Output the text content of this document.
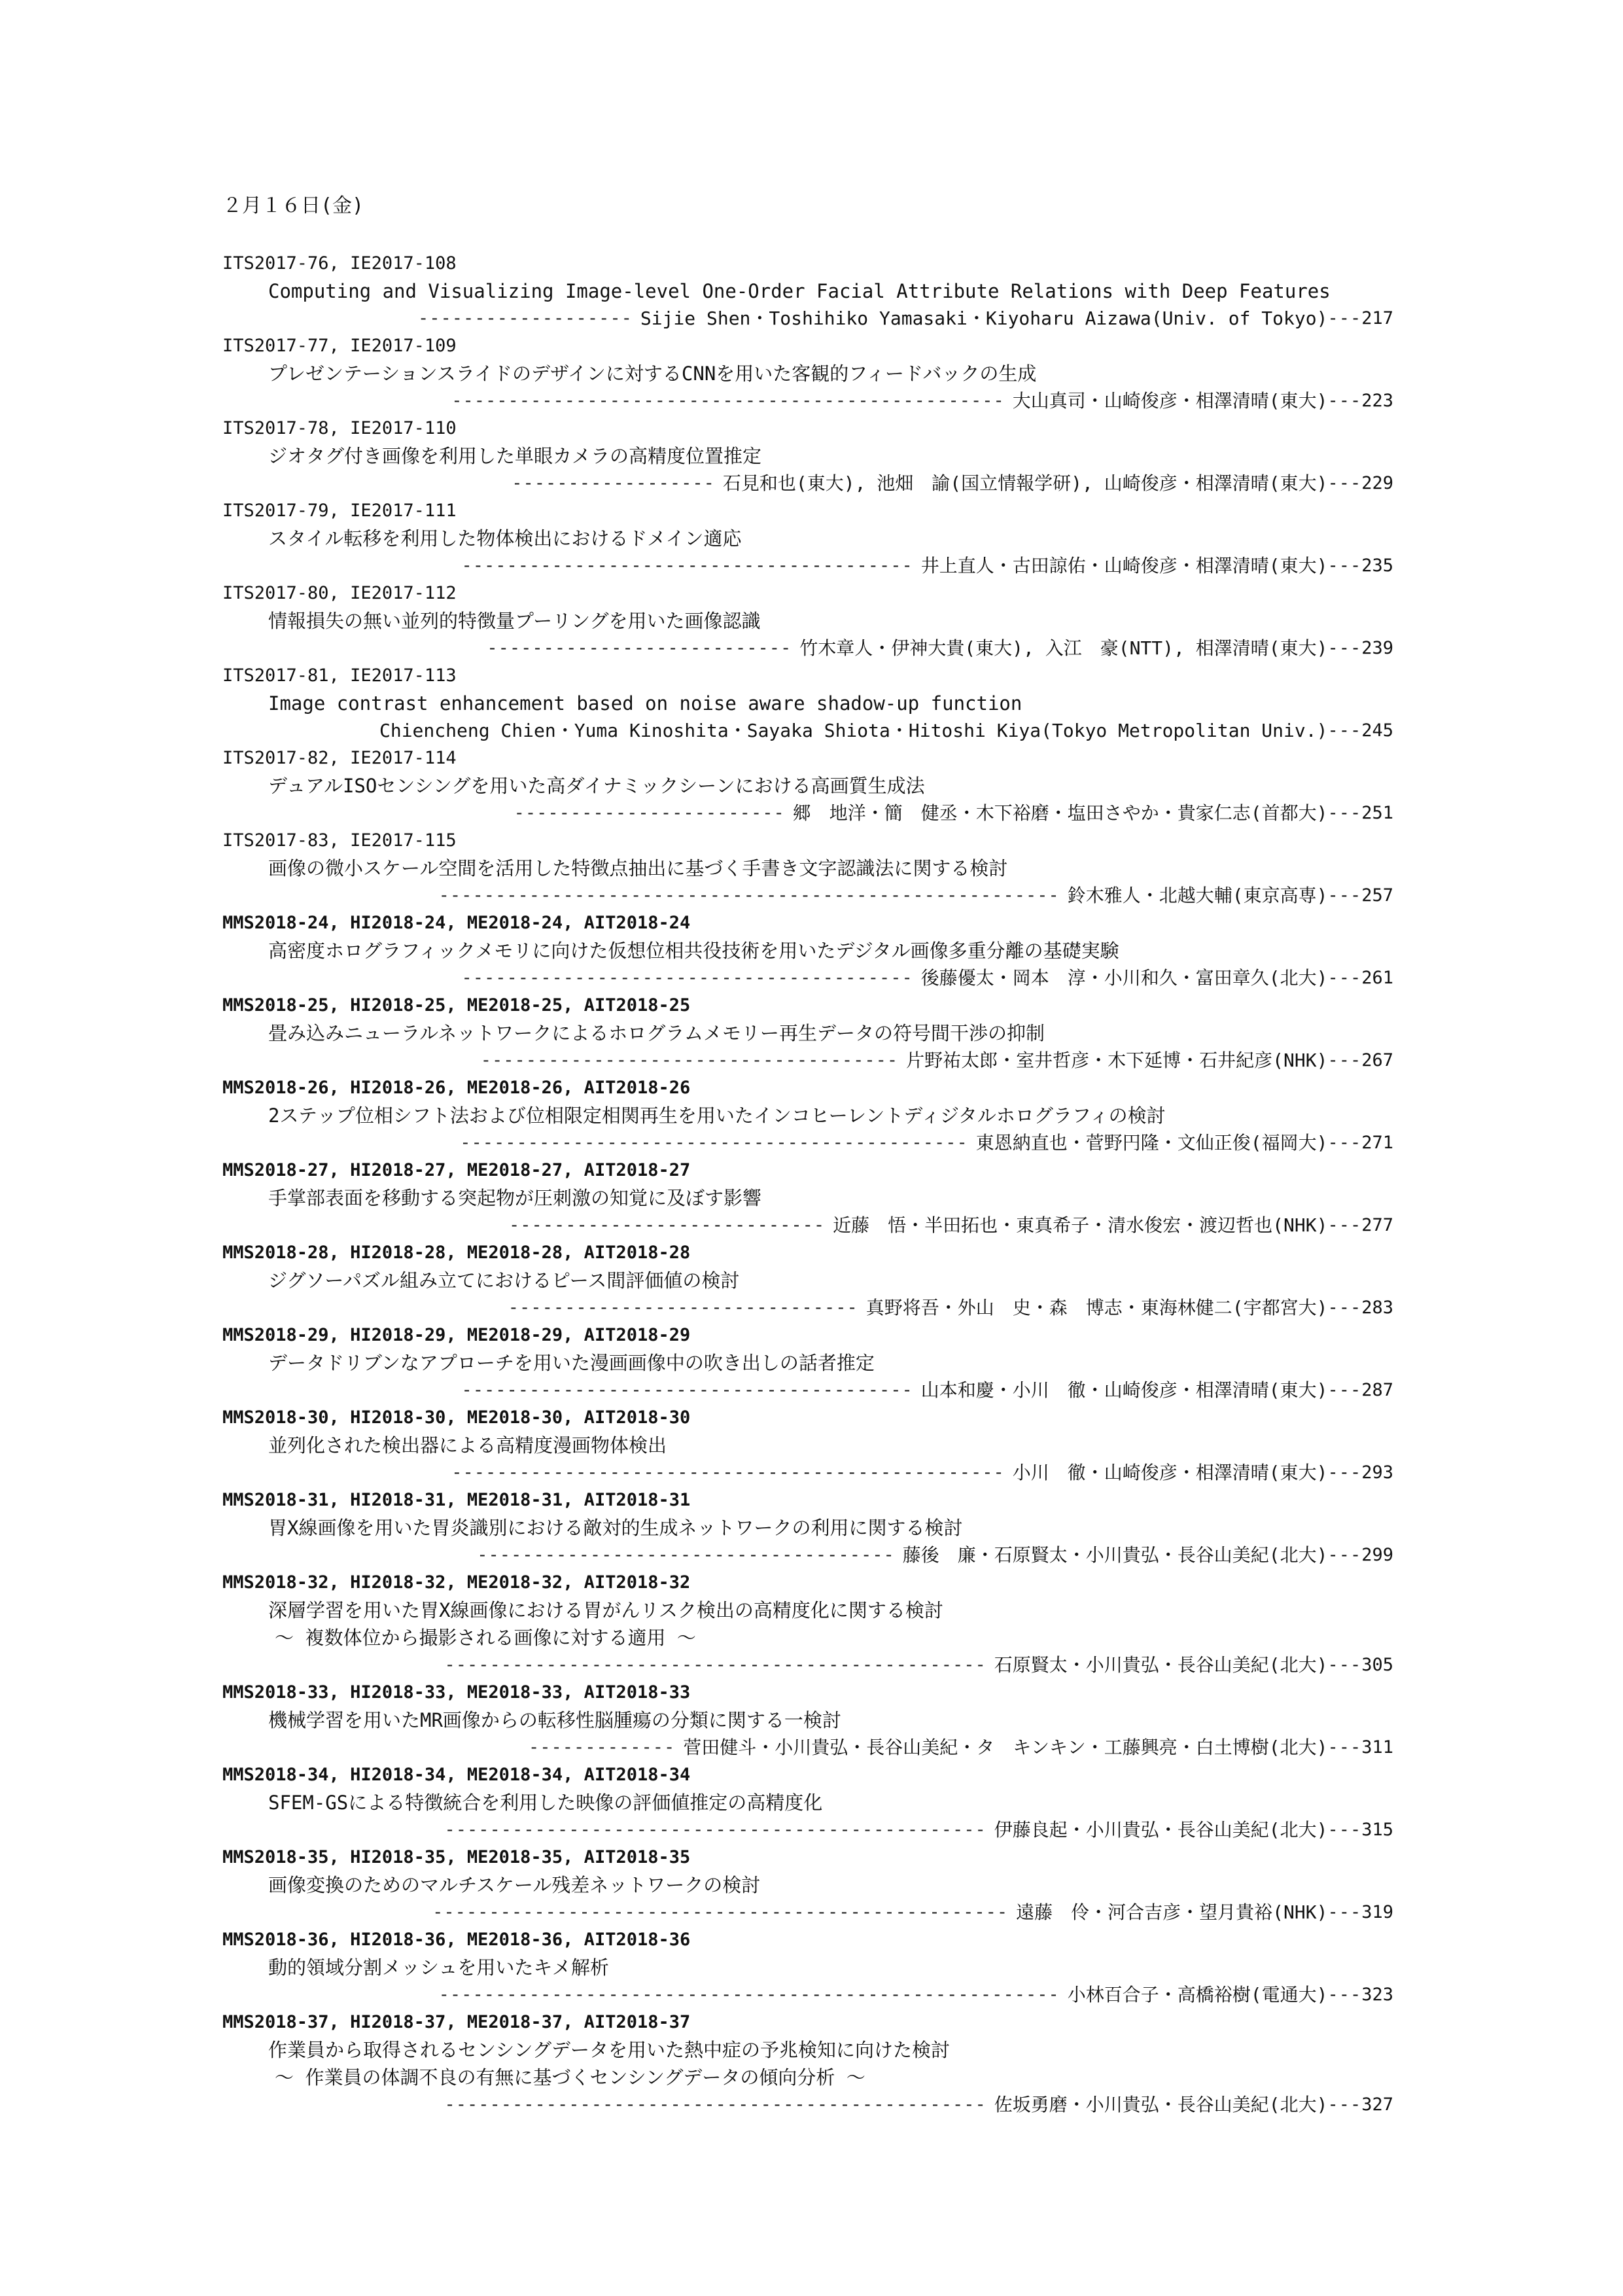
２月１６日(金)
ITS2017-76, IE2017-108
Computing and Visualizing Image-level One-Order Facial Attribute Relations with Deep Features
------------------- Sijie Shen・Toshihiko Yamasaki・Kiyoharu Aizawa(Univ. of Tokyo) --- 217
ITS2017-77, IE2017-109
プレゼンテーションスライドのデザインに対するCNNを用いた客観的フィードバックの生成
------------------------------------------------- 大山真司・山崎俊彦・相澤清晴(東大) --- 223
ITS2017-78, IE2017-110
ジオタグ付き画像を利用した単眼カメラの高精度位置推定
------------------ 石見和也(東大), 池畑　諭(国立情報学研), 山崎俊彦・相澤清晴(東大) --- 229
ITS2017-79, IE2017-111
スタイル転移を利用した物体検出におけるドメイン適応
---------------------------------------- 井上直人・古田諒佑・山崎俊彦・相澤清晴(東大) --- 235
ITS2017-80, IE2017-112
情報損失の無い並列的特徴量プーリングを用いた画像認識
--------------------------- 竹木章人・伊神大貴(東大), 入江　豪(NTT), 相澤清晴(東大) --- 239
ITS2017-81, IE2017-113
Image contrast enhancement based on noise aware shadow-up function
Chiencheng Chien・Yuma Kinoshita・Sayaka Shiota・Hitoshi Kiya(Tokyo Metropolitan Univ.) --- 245
ITS2017-82, IE2017-114
デュアルISOセンシングを用いた高ダイナミックシーンにおける高画質生成法
------------------------ 郷　地洋・簡　健丞・木下裕磨・塩田さやか・貴家仁志(首都大) --- 251
ITS2017-83, IE2017-115
画像の微小スケール空間を活用した特徴点抽出に基づく手書き文字認識法に関する検討
------------------------------------------------------- 鈴木雅人・北越大輔(東京高専) --- 257
MMS2018-24, HI2018-24, ME2018-24, AIT2018-24
高密度ホログラフィックメモリに向けた仮想位相共役技術を用いたデジタル画像多重分離の基礎実験
---------------------------------------- 後藤優太・岡本　淳・小川和久・富田章久(北大) --- 261
MMS2018-25, HI2018-25, ME2018-25, AIT2018-25
畳み込みニューラルネットワークによるホログラムメモリー再生データの符号間干渉の抑制
------------------------------------- 片野祐太郎・室井哲彦・木下延博・石井紀彦(NHK) --- 267
MMS2018-26, HI2018-26, ME2018-26, AIT2018-26
2ステップ位相シフト法および位相限定相関再生を用いたインコヒーレントディジタルホログラフィの検討
--------------------------------------------- 東恩納直也・菅野円隆・文仙正俊(福岡大) --- 271
MMS2018-27, HI2018-27, ME2018-27, AIT2018-27
手掌部表面を移動する突起物が圧刺激の知覚に及ぼす影響
---------------------------- 近藤　悟・半田拓也・東真希子・清水俊宏・渡辺哲也(NHK) --- 277
MMS2018-28, HI2018-28, ME2018-28, AIT2018-28
ジグソーパズル組み立てにおけるピース間評価値の検討
------------------------------- 真野将吾・外山　史・森　博志・東海林健二(宇都宮大) --- 283
MMS2018-29, HI2018-29, ME2018-29, AIT2018-29
データドリブンなアプローチを用いた漫画画像中の吹き出しの話者推定
---------------------------------------- 山本和慶・小川　徹・山崎俊彦・相澤清晴(東大) --- 287
MMS2018-30, HI2018-30, ME2018-30, AIT2018-30
並列化された検出器による高精度漫画物体検出
------------------------------------------------- 小川　徹・山崎俊彦・相澤清晴(東大) --- 293
MMS2018-31, HI2018-31, ME2018-31, AIT2018-31
胃X線画像を用いた胃炎識別における敵対的生成ネットワークの利用に関する検討
------------------------------------- 藤後　廉・石原賢太・小川貴弘・長谷山美紀(北大) --- 299
MMS2018-32, HI2018-32, ME2018-32, AIT2018-32
深層学習を用いた胃X線画像における胃がんリスク検出の高精度化に関する検討
～ 複数体位から撮影される画像に対する適用 ～
------------------------------------------------ 石原賢太・小川貴弘・長谷山美紀(北大) --- 305
MMS2018-33, HI2018-33, ME2018-33, AIT2018-33
機械学習を用いたMR画像からの転移性脳腫瘍の分類に関する一検討
------------- 菅田健斗・小川貴弘・長谷山美紀・タ　キンキン・工藤興亮・白土博樹(北大) --- 311
MMS2018-34, HI2018-34, ME2018-34, AIT2018-34
SFEM-GSによる特徴統合を利用した映像の評価値推定の高精度化
------------------------------------------------ 伊藤良起・小川貴弘・長谷山美紀(北大) --- 315
MMS2018-35, HI2018-35, ME2018-35, AIT2018-35
画像変換のためのマルチスケール残差ネットワークの検討
--------------------------------------------------- 遠藤　伶・河合吉彦・望月貴裕(NHK) --- 319
MMS2018-36, HI2018-36, ME2018-36, AIT2018-36
動的領域分割メッシュを用いたキメ解析
------------------------------------------------------- 小林百合子・高橋裕樹(電通大) --- 323
MMS2018-37, HI2018-37, ME2018-37, AIT2018-37
作業員から取得されるセンシングデータを用いた熱中症の予兆検知に向けた検討
～ 作業員の体調不良の有無に基づくセンシングデータの傾向分析 ～
------------------------------------------------ 佐坂勇磨・小川貴弘・長谷山美紀(北大) --- 327
